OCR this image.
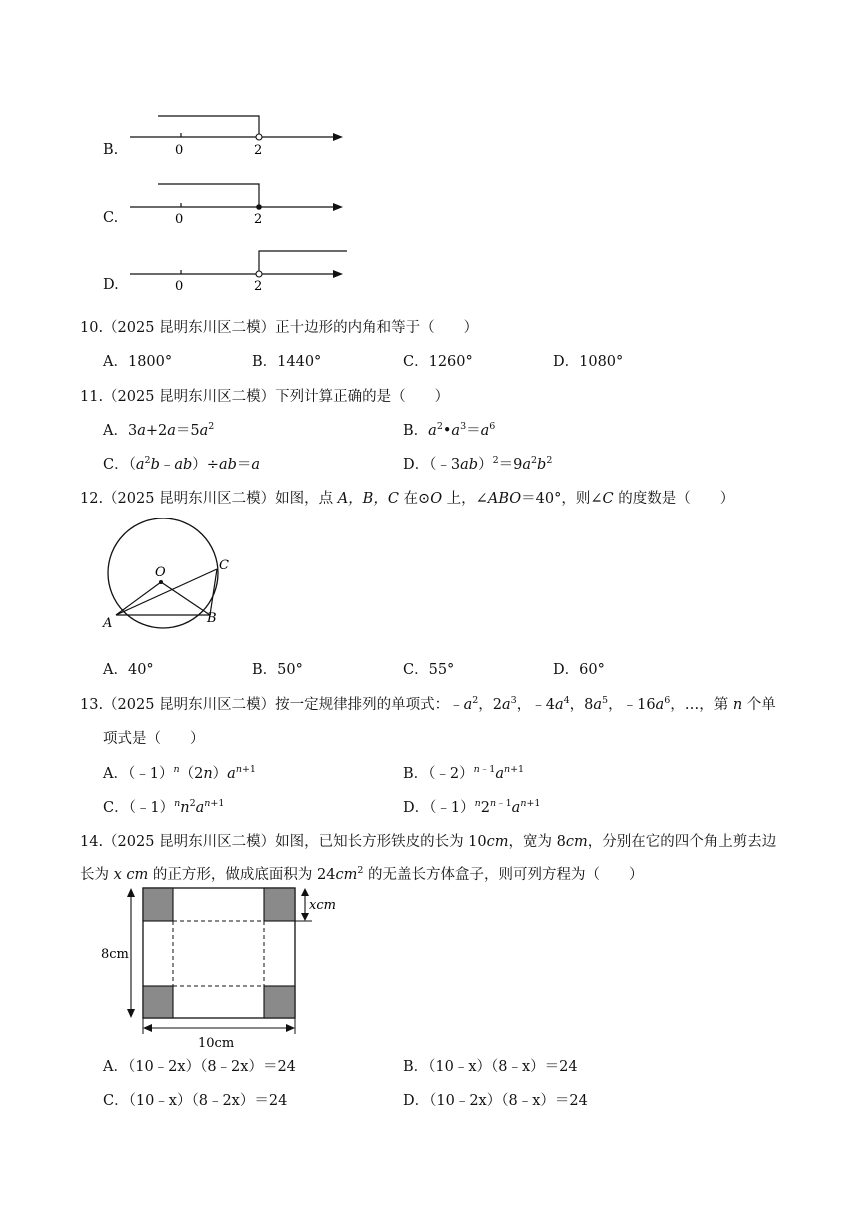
B.	0	2
C.	0	2
D.	0	2
10.（2025 昆明东川区二模）正十边形的内角和等于（　　）
A．1800°	B．1440°	C．1260°	D．1080°
11.（2025 昆明东川区二模）下列计算正确的是（　　）
A．$3a+2a=5a^2$	B．$a^2•a^3=a^6$
C．$(a^2b﹣ab)\div ab=a$	D．$(﹣3ab)^2=9a^2b^2$
12.（2025 昆明东川区二模）如图，点 A，B，C 在⊙O 上，∠ABO＝40°，则∠C 的度数是（　　）
O
A	B
C
A．40°	B．50°	C．55°	D．60°
13.（2025 昆明东川区二模）按一定规律排列的单项式：$﹣a^2$，$2a^3$，$﹣4a^4$，$8a^5$，$﹣16a^6$，…，第 n 个单
项式是（　　）
A．$(﹣1)^n(2n)a^{n+1}$	B．$(﹣2)^{n﹣1}a^{n+1}$
C．$(﹣1)^nn^2a^{n+1}$	D．$(﹣1)^n2^{n﹣1}a^{n+1}$
14.（2025 昆明东川区二模）如图，已知长方形铁皮的长为 10cm，宽为 8cm，分别在它的四个角上剪去边
长为 x cm 的正方形，做成底面积为 $24cm^2$ 的无盖长方体盒子，则可列方程为（　　）
8cm
10cm
xcm
A．（10﹣2x）（8﹣2x）＝24	B．（10﹣x）（8﹣x）＝24
C．（10﹣x）（8﹣2x）＝24	D．（10﹣2x）（8﹣x）＝24
